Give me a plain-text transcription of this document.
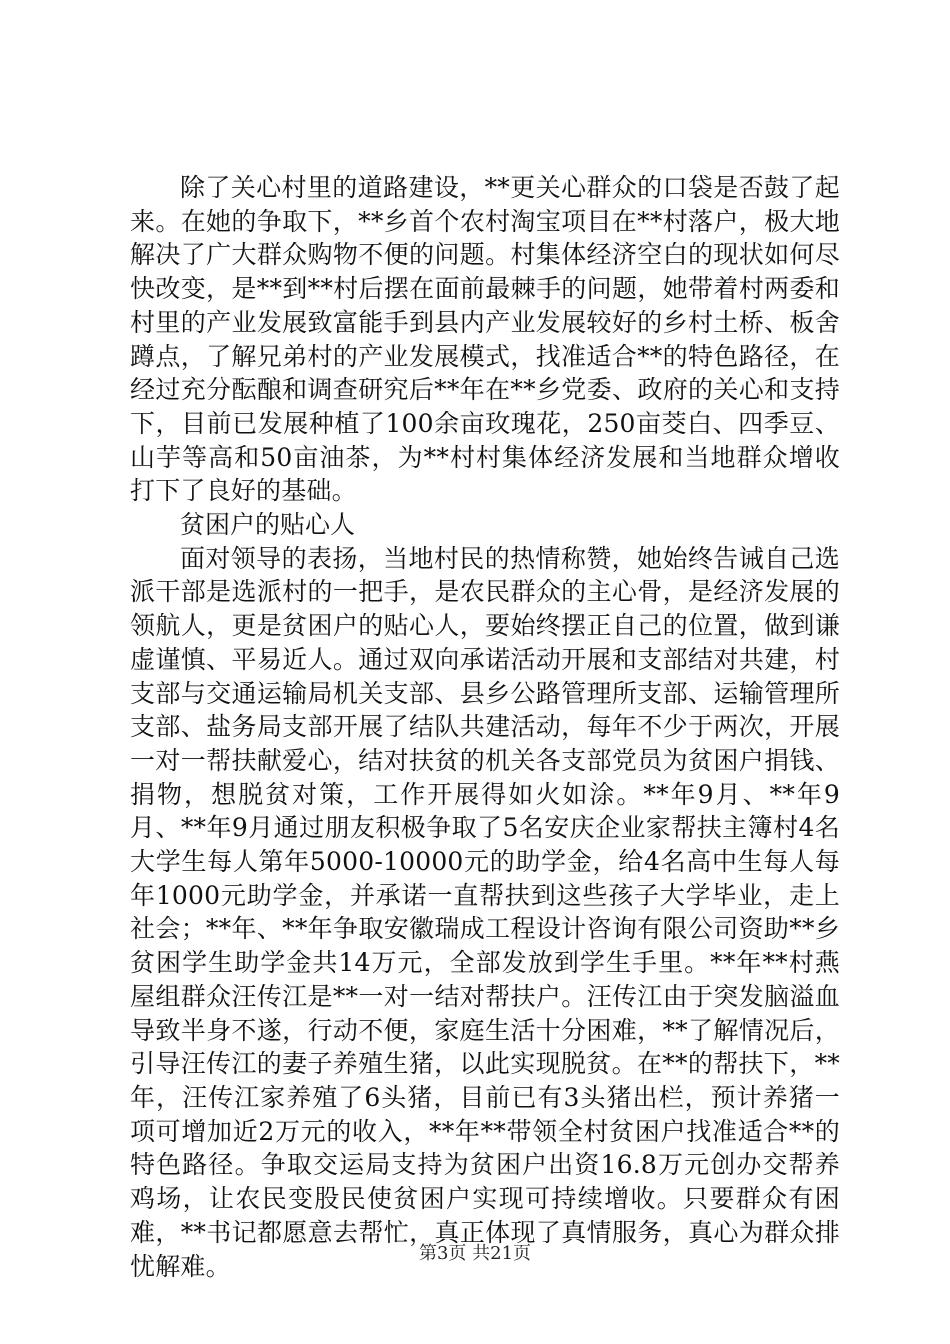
除了关心村里的道路建设，**更关心群众的口袋是否鼓了起来。在她的争取下，**乡首个农村淘宝项目在**村落户，极大地解决了广大群众购物不便的问题。村集体经济空白的现状如何尽快改变，是**到**村后摆在面前最棘手的问题，她带着村两委和村里的产业发展致富能手到县内产业发展较好的乡村土桥、板舍蹲点，了解兄弟村的产业发展模式，找准适合**的特色路径，在经过充分酝酿和调查研究后**年在**乡党委、政府的关心和支持下，目前已发展种植了100余亩玫瑰花，250亩茭白、四季豆、山芋等高和50亩油茶，为**村村集体经济发展和当地群众增收打下了良好的基础。

贫困户的贴心人

面对领导的表扬，当地村民的热情称赞，她始终告诫自己选派干部是选派村的一把手，是农民群众的主心骨，是经济发展的领航人，更是贫困户的贴心人，要始终摆正自己的位置，做到谦虚谨慎、平易近人。通过双向承诺活动开展和支部结对共建，村支部与交通运输局机关支部、县乡公路管理所支部、运输管理所支部、盐务局支部开展了结队共建活动，每年不少于两次，开展一对一帮扶献爱心，结对扶贫的机关各支部党员为贫困户捐钱、捐物，想脱贫对策，工作开展得如火如涂。**年9月、**年9月、**年9月通过朋友积极争取了5名安庆企业家帮扶主簿村4名大学生每人第年5000-10000元的助学金，给4名高中生每人每年1000元助学金，并承诺一直帮扶到这些孩子大学毕业，走上社会；**年、**年争取安徽瑞成工程设计咨询有限公司资助**乡贫困学生助学金共14万元，全部发放到学生手里。**年**村燕屋组群众汪传江是**一对一结对帮扶户。汪传江由于突发脑溢血导致半身不遂，行动不便，家庭生活十分困难，**了解情况后，引导汪传江的妻子养殖生猪，以此实现脱贫。在**的帮扶下，**年，汪传江家养殖了6头猪，目前已有3头猪出栏，预计养猪一项可增加近2万元的收入，**年**带领全村贫困户找准适合**的特色路径。争取交运局支持为贫困户出资16.8万元创办交帮养鸡场，让农民变股民使贫困户实现可持续增收。只要群众有困难，**书记都愿意去帮忙，真正体现了真情服务，真心为群众排忧解难。	第3页 共21页
